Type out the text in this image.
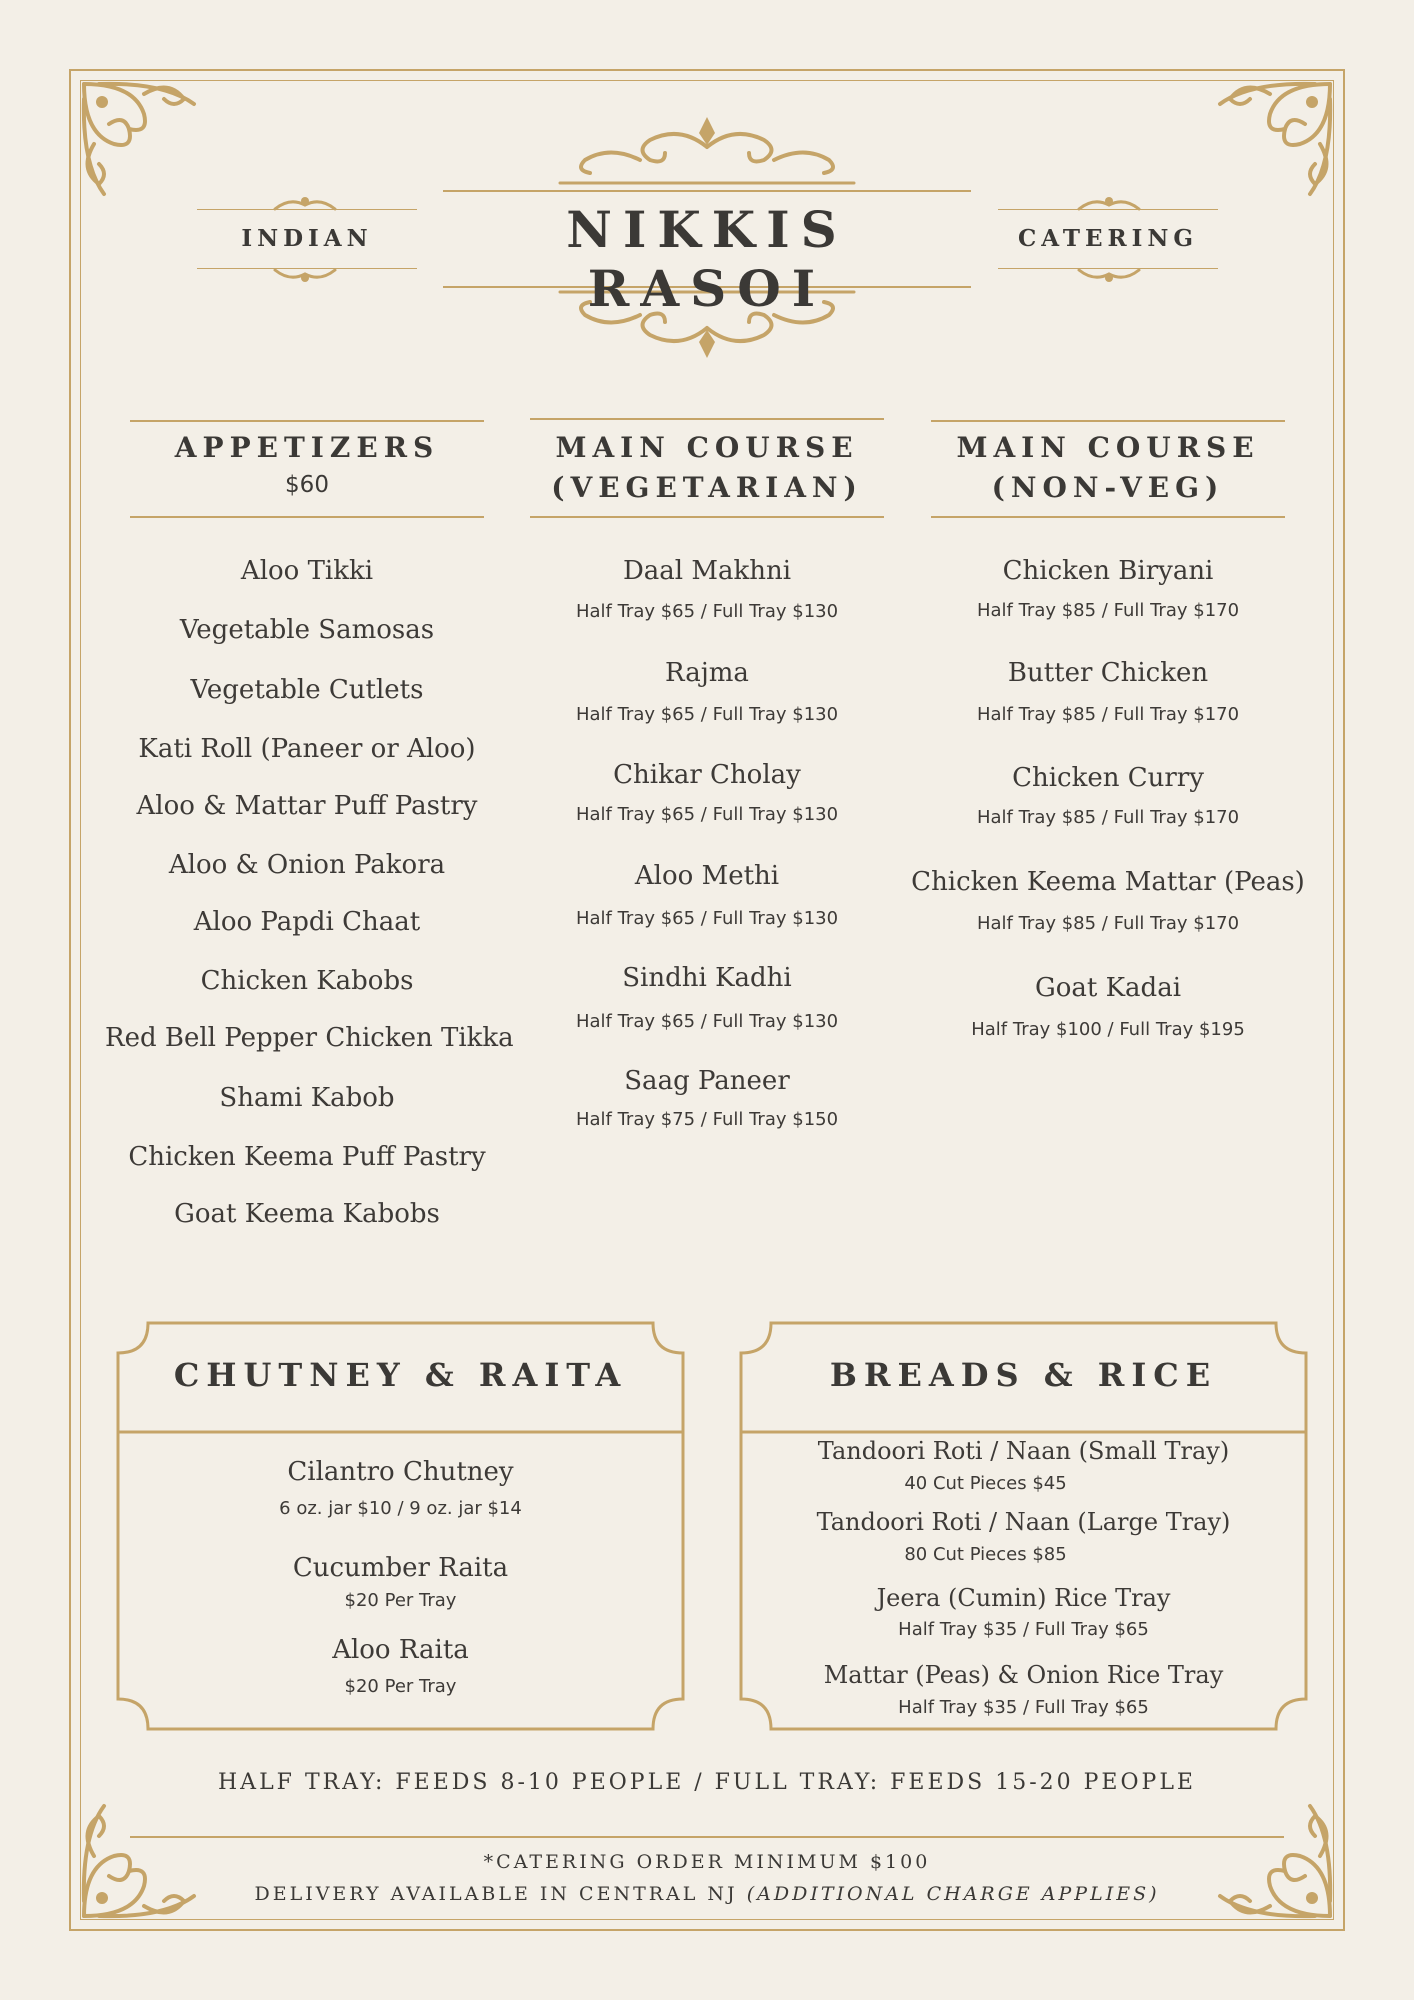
NIKKIS RASOI
INDIAN	CATERING
APPETIZERS
$60
MAIN COURSE
(VEGETARIAN)
MAIN COURSE
(NON-VEG)
Aloo Tikki
Vegetable Samosas
Vegetable Cutlets
Kati Roll (Paneer or Aloo)
Aloo & Mattar Puff Pastry
Aloo & Onion Pakora
Aloo Papdi Chaat
Chicken Kabobs
Red Bell Pepper Chicken Tikka
Shami Kabob
Chicken Keema Puff Pastry
Goat Keema Kabobs
Daal Makhni
Half Tray $65 / Full Tray $130
Rajma
Half Tray $65 / Full Tray $130
Chikar Cholay
Half Tray $65 / Full Tray $130
Aloo Methi
Half Tray $65 / Full Tray $130
Sindhi Kadhi
Half Tray $65 / Full Tray $130
Saag Paneer
Half Tray $75 / Full Tray $150
Chicken Biryani
Half Tray $85 / Full Tray $170
Butter Chicken
Half Tray $85 / Full Tray $170
Chicken Curry
Half Tray $85 / Full Tray $170
Chicken Keema Mattar (Peas)
Half Tray $85 / Full Tray $170
Goat Kadai
Half Tray $100 / Full Tray $195
CHUTNEY & RAITA
Cilantro Chutney
6 oz. jar $10 / 9 oz. jar $14
Cucumber Raita
$20 Per Tray
Aloo Raita
$20 Per Tray
BREADS & RICE
Tandoori Roti / Naan (Small Tray)
40 Cut Pieces $45
Tandoori Roti / Naan (Large Tray)
80 Cut Pieces $85
Jeera (Cumin) Rice Tray
Half Tray $35 / Full Tray $65
Mattar (Peas) & Onion Rice Tray
Half Tray $35 / Full Tray $65
HALF TRAY: FEEDS 8-10 PEOPLE / FULL TRAY: FEEDS 15-20 PEOPLE
*CATERING ORDER MINIMUM $100
DELIVERY AVAILABLE IN CENTRAL NJ (ADDITIONAL CHARGE APPLIES)
